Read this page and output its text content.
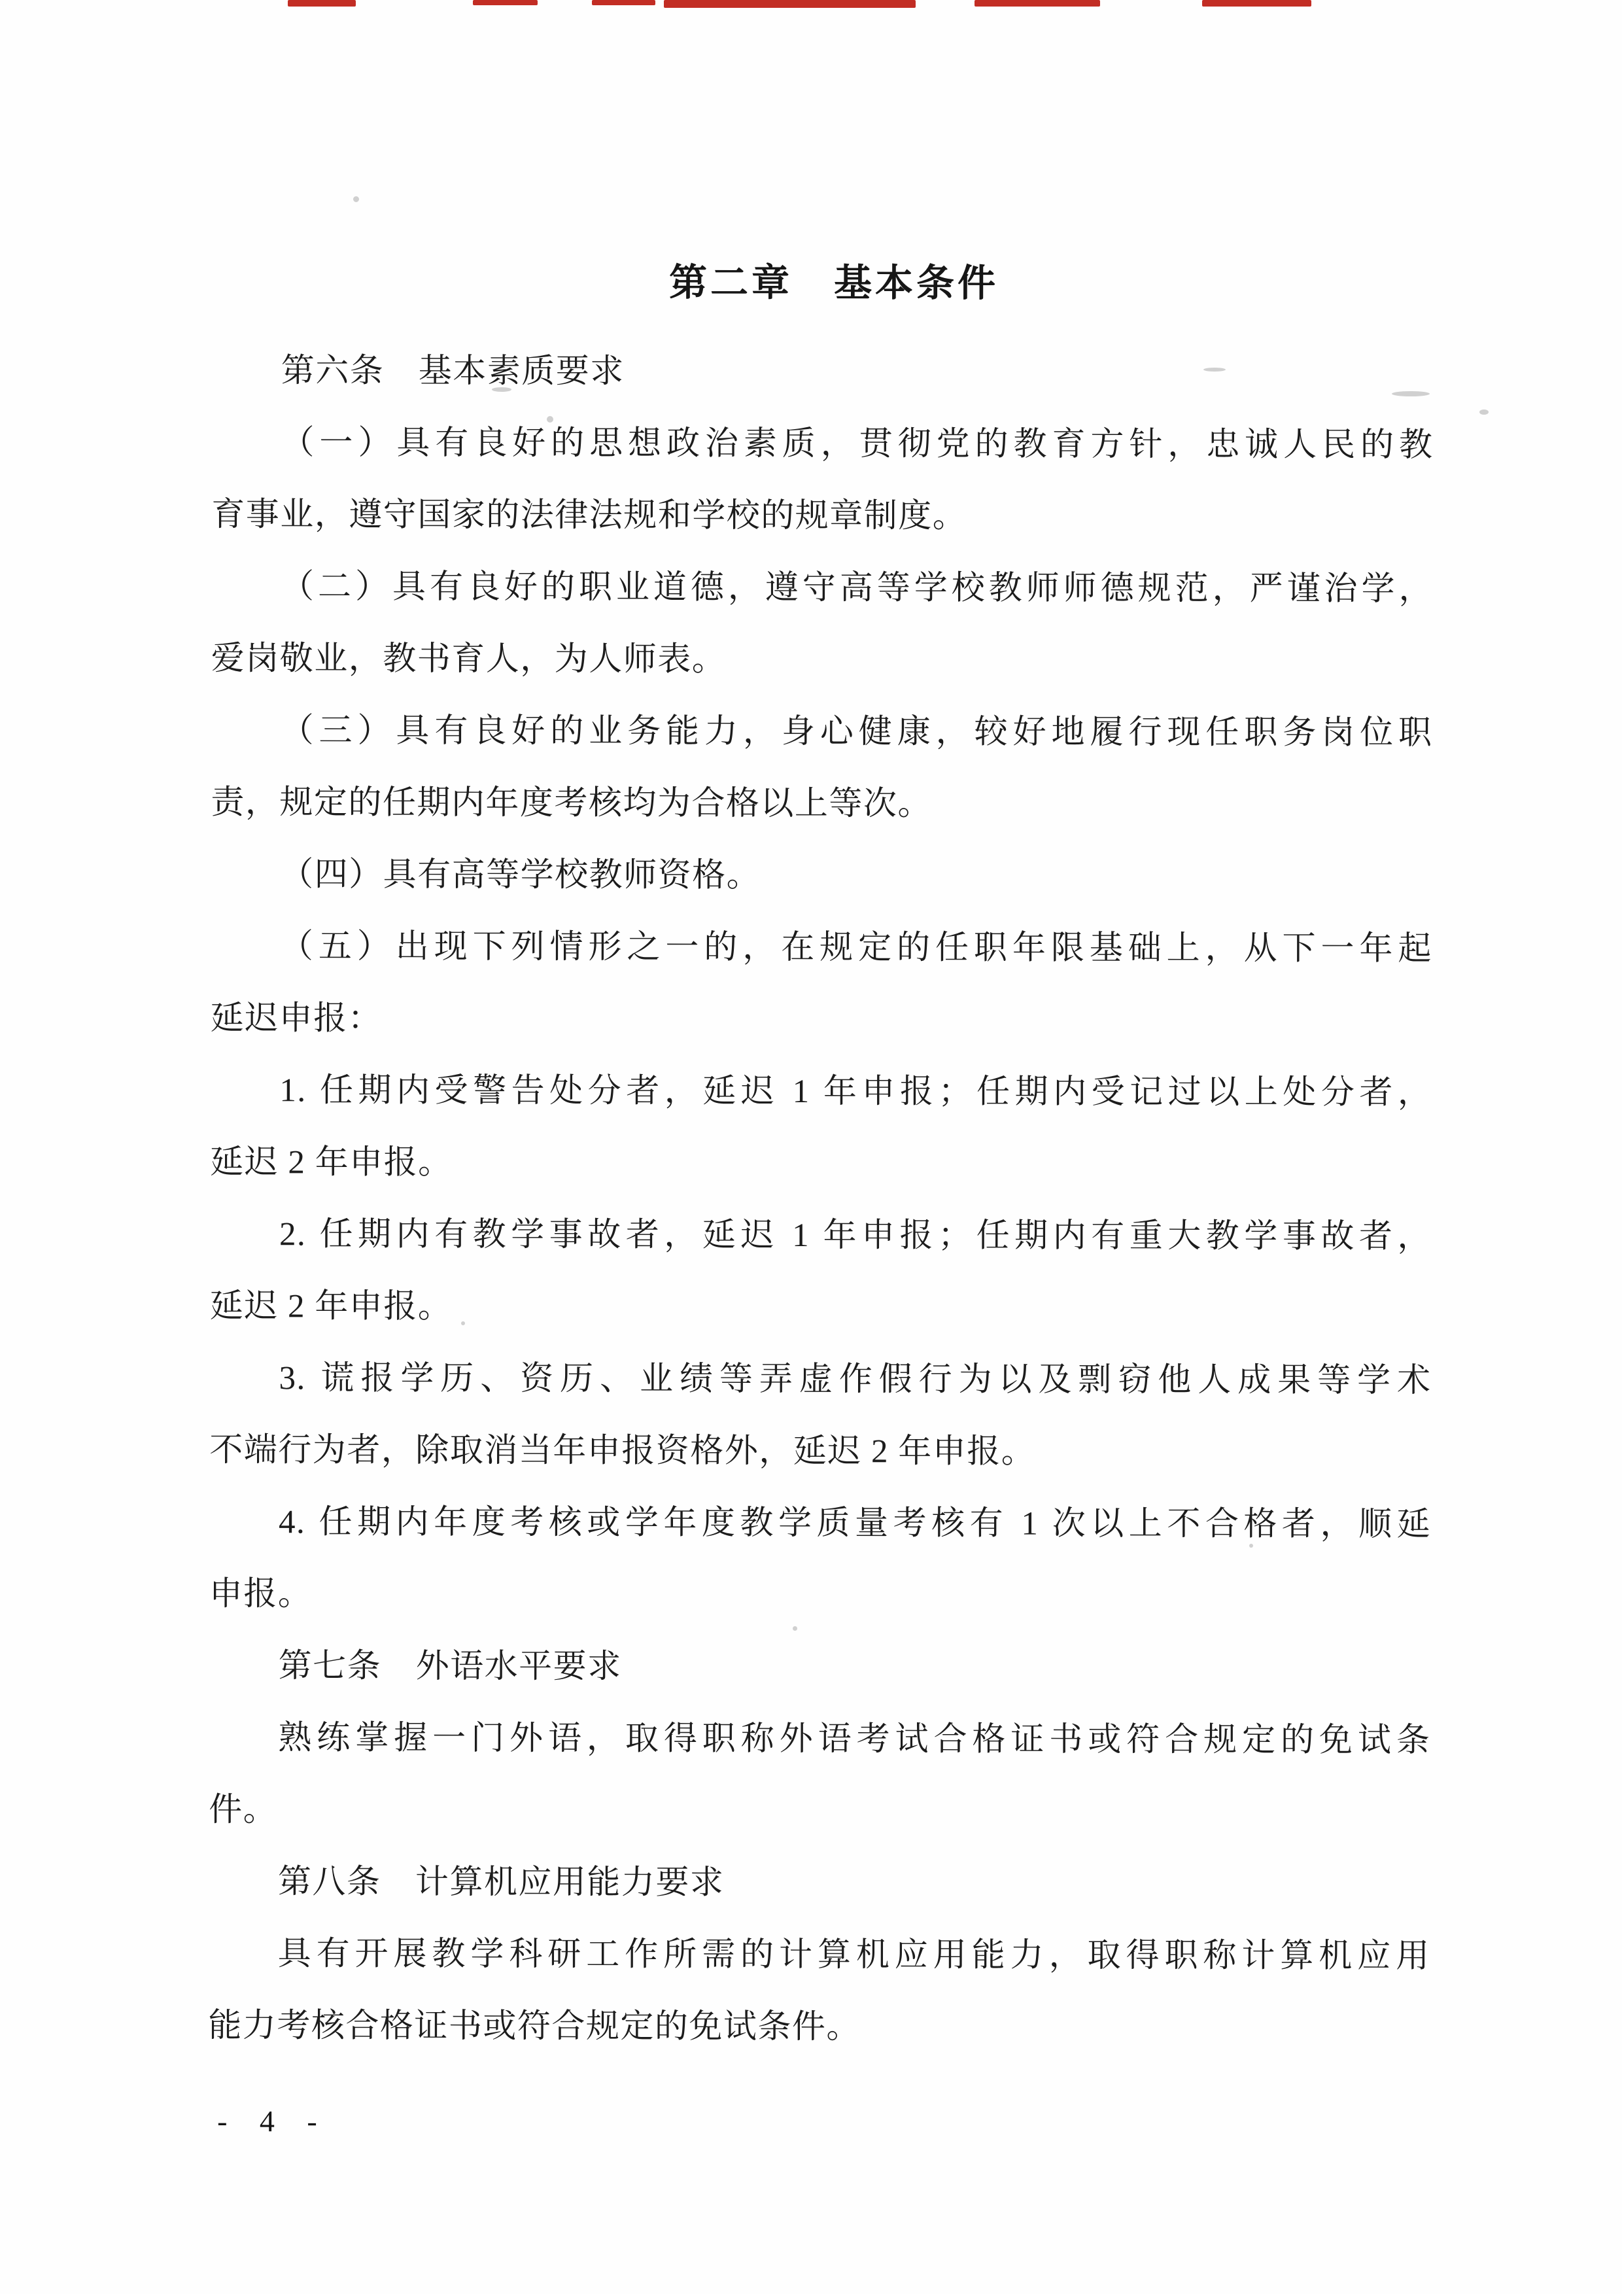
第二章　基本条件
第六条　基本素质要求
（一）具有良好的思想政治素质，贯彻党的教育方针，忠诚人民的教
育事业，遵守国家的法律法规和学校的规章制度。
（二）具有良好的职业道德，遵守高等学校教师师德规范，严谨治学，
爱岗敬业，教书育人，为人师表。
（三）具有良好的业务能力，身心健康，较好地履行现任职务岗位职
责，规定的任期内年度考核均为合格以上等次。
（四）具有高等学校教师资格。
（五）出现下列情形之一的，在规定的任职年限基础上，从下一年起
延迟申报：
1. 任期内受警告处分者，延迟 1 年申报；任期内受记过以上处分者，
延迟 2 年申报。
2. 任期内有教学事故者，延迟 1 年申报；任期内有重大教学事故者，
延迟 2 年申报。
3. 谎报学历、资历、业绩等弄虚作假行为以及剽窃他人成果等学术
不端行为者，除取消当年申报资格外，延迟 2 年申报。
4. 任期内年度考核或学年度教学质量考核有 1 次以上不合格者，顺延
申报。
第七条　外语水平要求
熟练掌握一门外语，取得职称外语考试合格证书或符合规定的免试条
件。
第八条　计算机应用能力要求
具有开展教学科研工作所需的计算机应用能力，取得职称计算机应用
能力考核合格证书或符合规定的免试条件。
- 4 -
